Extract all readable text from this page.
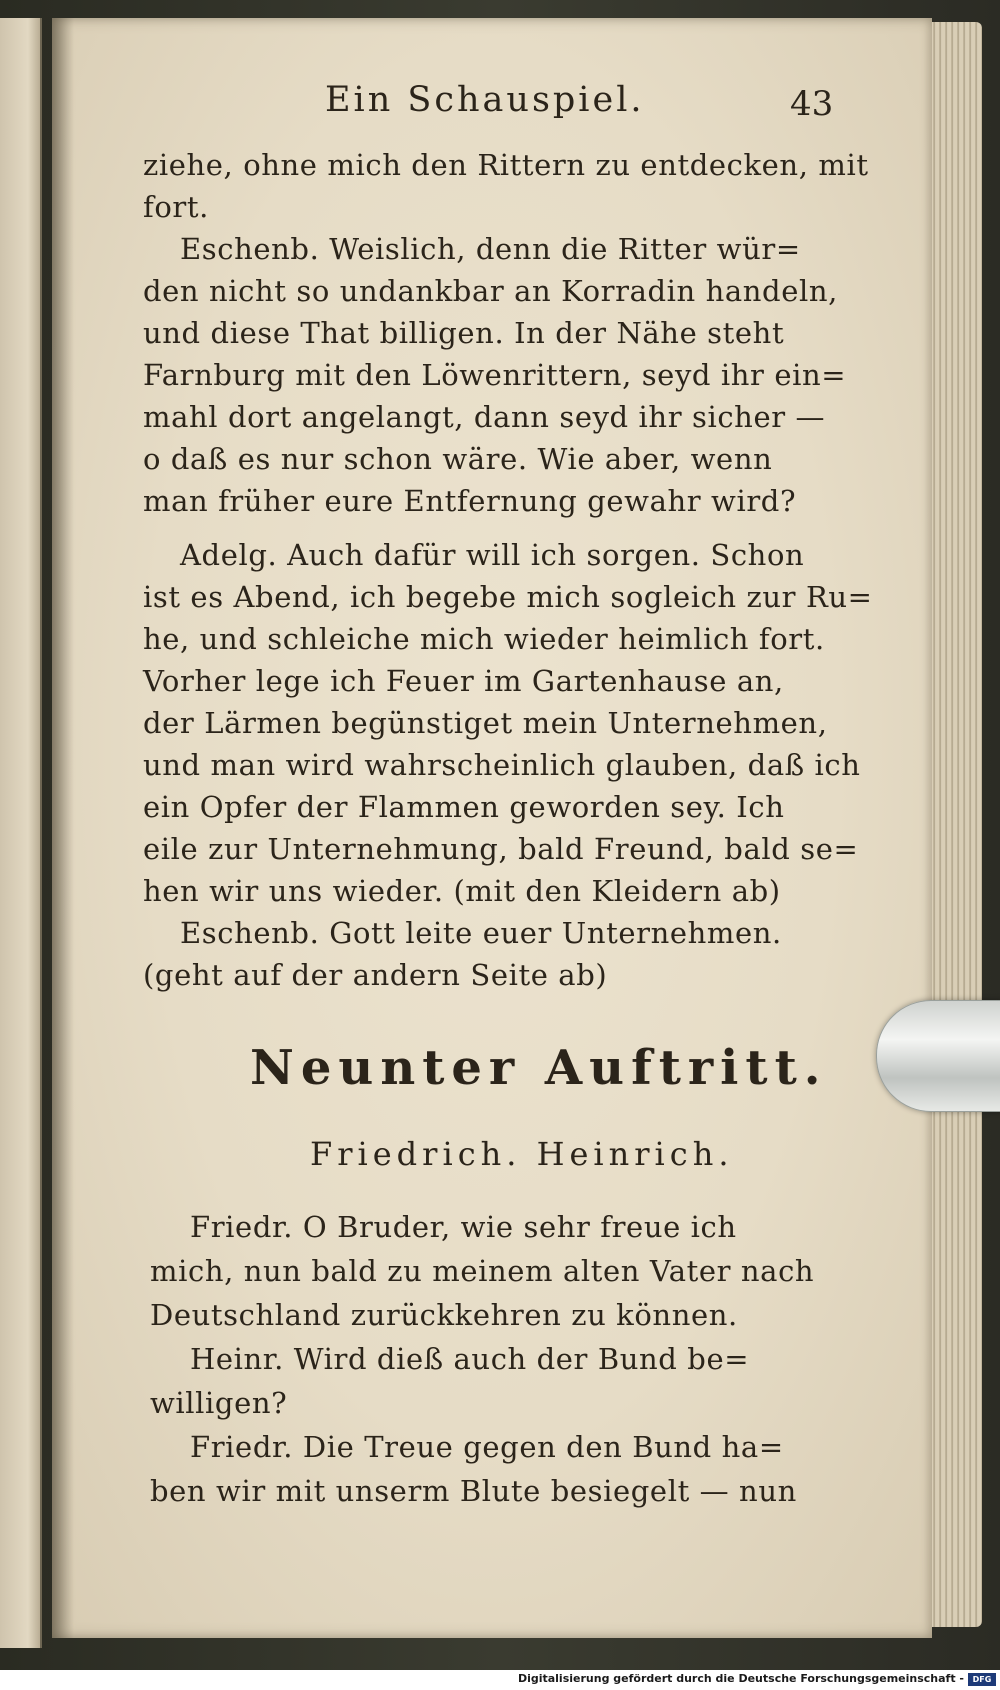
Ein Schauspiel.	43
ziehe, ohne mich den Rittern zu entdecken, mit
fort.
Eschenb. Weislich, denn die Ritter wür=
den nicht so undankbar an Korradin handeln,
und diese That billigen. In der Nähe steht
Farnburg mit den Löwenrittern, seyd ihr ein=
mahl dort angelangt, dann seyd ihr sicher —
o daß es nur schon wäre. Wie aber, wenn
man früher eure Entfernung gewahr wird?
Adelg. Auch dafür will ich sorgen. Schon
ist es Abend, ich begebe mich sogleich zur Ru=
he, und schleiche mich wieder heimlich fort.
Vorher lege ich Feuer im Gartenhause an,
der Lärmen begünstiget mein Unternehmen,
und man wird wahrscheinlich glauben, daß ich
ein Opfer der Flammen geworden sey. Ich
eile zur Unternehmung, bald Freund, bald se=
hen wir uns wieder. (mit den Kleidern ab)
Eschenb. Gott leite euer Unternehmen.
(geht auf der andern Seite ab)
Neunter Auftritt.
Friedrich. Heinrich.
Friedr. O Bruder, wie sehr freue ich
mich, nun bald zu meinem alten Vater nach
Deutschland zurückkehren zu können.
Heinr. Wird dieß auch der Bund be=
willigen?
Friedr. Die Treue gegen den Bund ha=
ben wir mit unserm Blute besiegelt — nun
Digitalisierung gefördert durch die Deutsche Forschungsgemeinschaft -	DFG
